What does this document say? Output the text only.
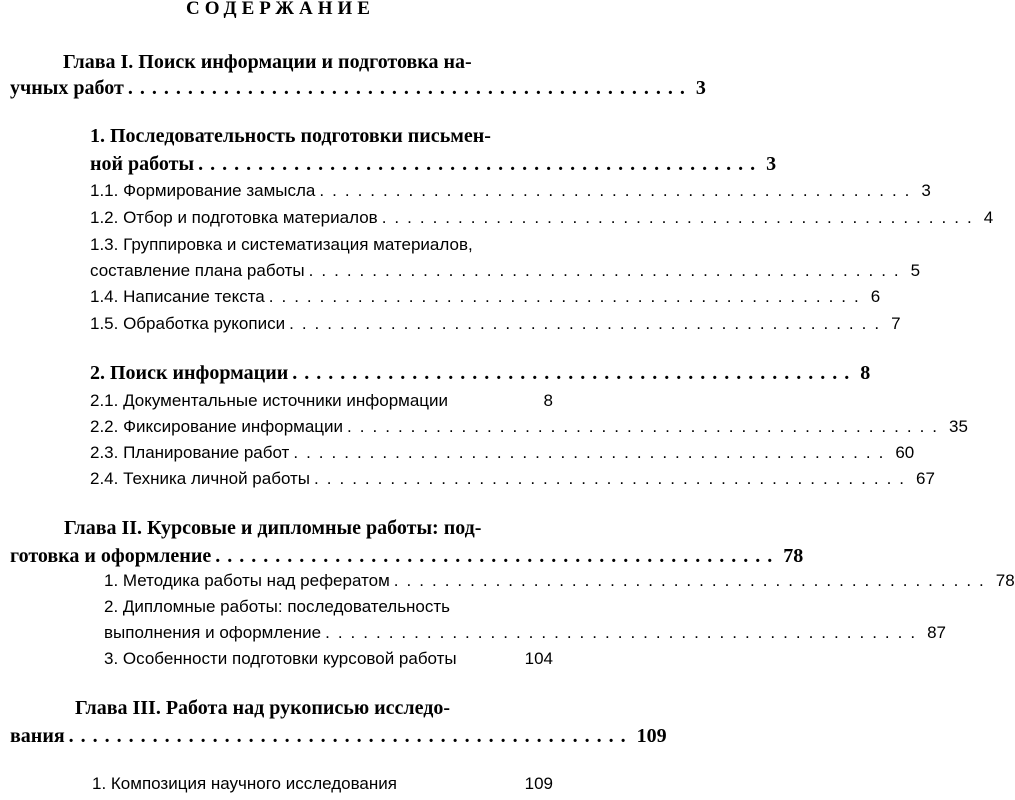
СОДЕРЖАНИЕ
Глава I. Поиск информации и подготовка на-
учных работ ............................................... 3
1. Последовательность подготовки письмен-
ной работы ............................................... 3
1.1. Формирование замысла ............................................... 3
1.2. Отбор и подготовка материалов ............................................... 4
1.3. Группировка и систематизация материалов,
составление плана работы ............................................... 5
1.4. Написание текста ............................................... 6
1.5. Обработка рукописи ............................................... 7
2. Поиск информации ............................................... 8
2.1. Документальные источники информации	8
2.2. Фиксирование информации ............................................... 35
2.3. Планирование работ ............................................... 60
2.4. Техника личной работы ............................................... 67
Глава II. Курсовые и дипломные работы: под-
готовка и оформление ............................................... 78
1. Методика работы над рефератом ............................................... 78
2. Дипломные работы: последовательность
выполнения и оформление ............................................... 87
3. Особенности подготовки курсовой работы	104
Глава III. Работа над рукописью исследо-
вания ............................................... 109
1. Композиция научного исследования	109
